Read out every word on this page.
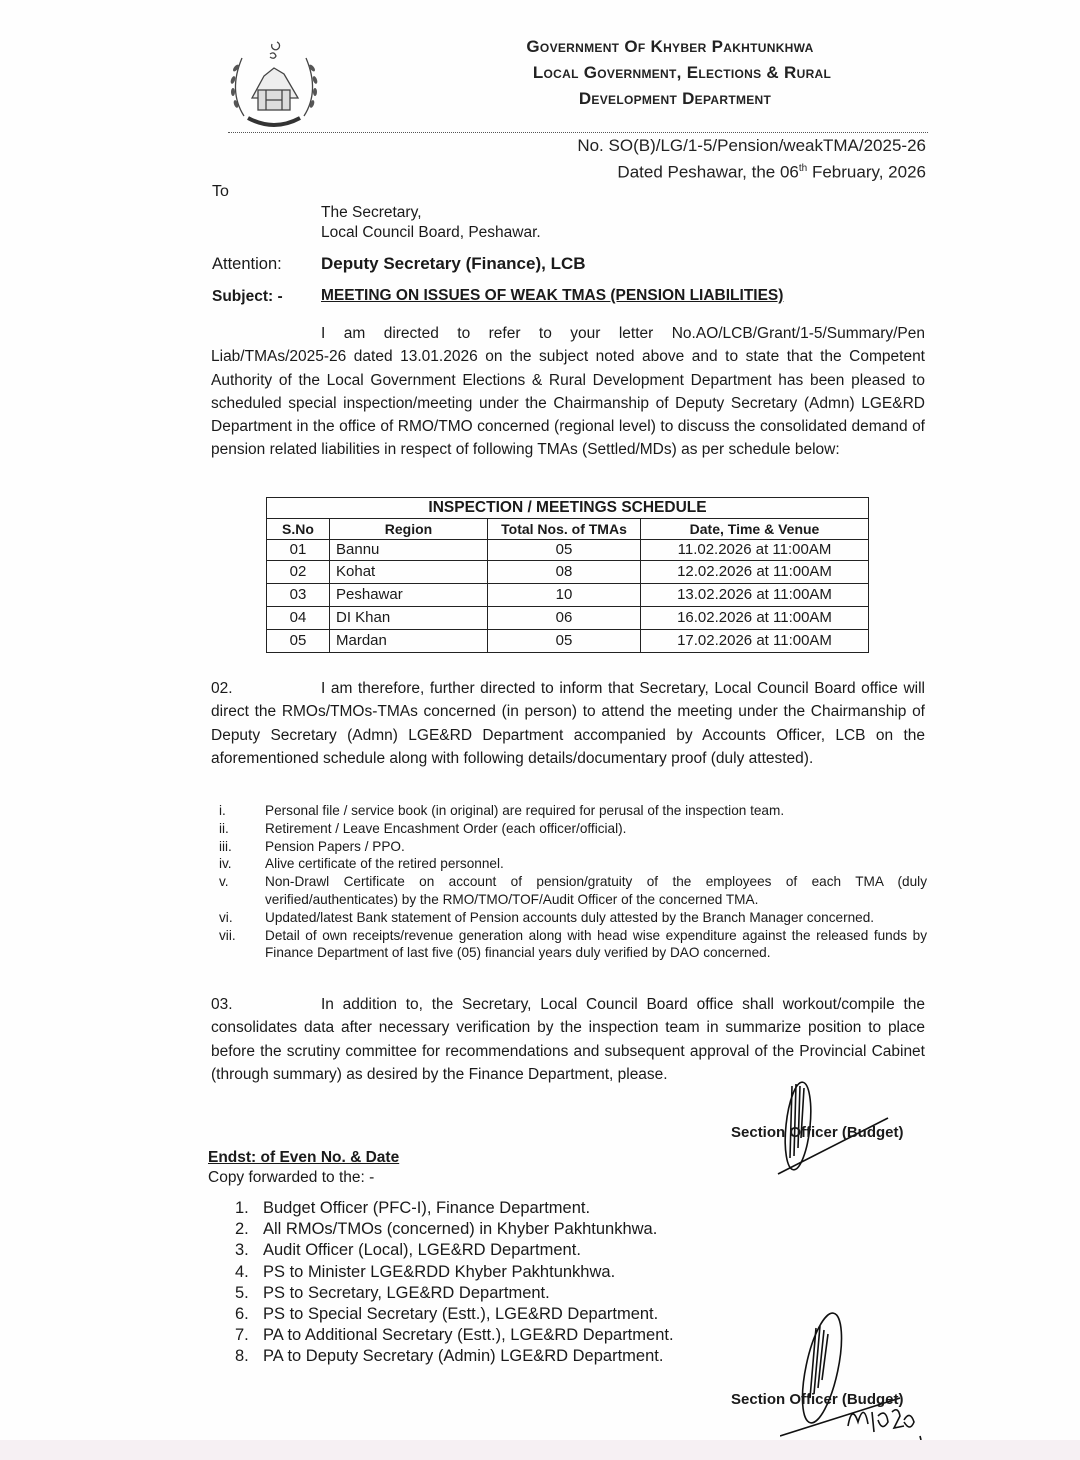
Government Of Khyber Pakhtunkhwa
Local Government, Elections & Rural
Development Department
No. SO(B)/LG/1-5/Pension/weakTMA/2025-26
Dated Peshawar, the 06th February, 2026
To
The Secretary,
Local Council Board, Peshawar.
Attention: Deputy Secretary (Finance), LCB
Subject: - MEETING ON ISSUES OF WEAK TMAS (PENSION LIABILITIES)
I am directed to refer to your letter No.AO/LCB/Grant/1-5/Summary/Pen Liab/TMAs/2025-26 dated 13.01.2026 on the subject noted above and to state that the Competent Authority of the Local Government Elections & Rural Development Department has been pleased to scheduled special inspection/meeting under the Chairmanship of Deputy Secretary (Admn) LGE&RD Department in the office of RMO/TMO concerned (regional level) to discuss the consolidated demand of pension related liabilities in respect of following TMAs (Settled/MDs) as per schedule below:
INSPECTION / MEETINGS SCHEDULE			
S.No	Region	Total Nos. of TMAs	Date, Time & Venue
01	Bannu	05	11.02.2026 at 11:00AM
02	Kohat	08	12.02.2026 at 11:00AM
03	Peshawar	10	13.02.2026 at 11:00AM
04	DI Khan	06	16.02.2026 at 11:00AM
05	Mardan	05	17.02.2026 at 11:00AM
02.	I am therefore, further directed to inform that Secretary, Local Council Board office will direct the RMOs/TMOs-TMAs concerned (in person) to attend the meeting under the Chairmanship of Deputy Secretary (Admn) LGE&RD Department accompanied by Accounts Officer, LCB on the aforementioned schedule along with following details/documentary proof (duly attested).
i.	Personal file / service book (in original) are required for perusal of the inspection team.
ii.	Retirement / Leave Encashment Order (each officer/official).
iii.	Pension Papers / PPO.
iv.	Alive certificate of the retired personnel.
v.	Non-Drawl Certificate on account of pension/gratuity of the employees of each TMA (duly verified/authenticates) by the RMO/TMO/TOF/Audit Officer of the concerned TMA.
vi.	Updated/latest Bank statement of Pension accounts duly attested by the Branch Manager concerned.
vii.	Detail of own receipts/revenue generation along with head wise expenditure against the released funds by Finance Department of last five (05) financial years duly verified by DAO concerned.
03.	In addition to, the Secretary, Local Council Board office shall workout/compile the consolidates data after necessary verification by the inspection team in summarize position to place before the scrutiny committee for recommendations and subsequent approval of the Provincial Cabinet (through summary) as desired by the Finance Department, please.
Section Officer (Budget)
Endst: of Even No. & Date
Copy forwarded to the: -
1. Budget Officer (PFC-I), Finance Department.
2. All RMOs/TMOs (concerned) in Khyber Pakhtunkhwa.
3. Audit Officer (Local), LGE&RD Department.
4. PS to Minister LGE&RDD Khyber Pakhtunkhwa.
5. PS to Secretary, LGE&RD Department.
6. PS to Special Secretary (Estt.), LGE&RD Department.
7. PA to Additional Secretary (Estt.), LGE&RD Department.
8. PA to Deputy Secretary (Admin) LGE&RD Department.
Section Officer (Budget)
